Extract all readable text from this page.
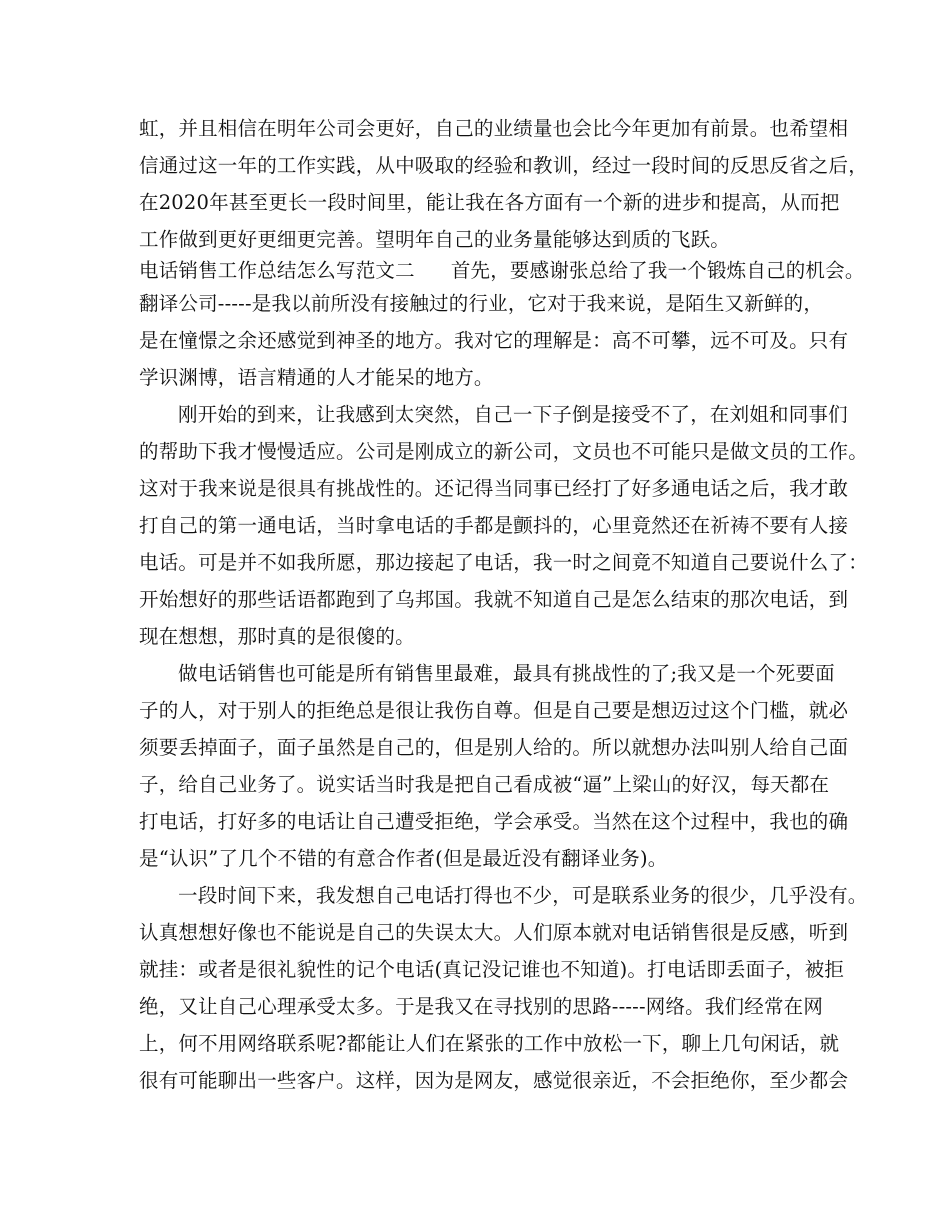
虹，并且相信在明年公司会更好，自己的业绩量也会比今年更加有前景。也希望相
信通过这一年的工作实践，从中吸取的经验和教训，经过一段时间的反思反省之后，
在2020年甚至更长一段时间里，能让我在各方面有一个新的进步和提高，从而把
工作做到更好更细更完善。望明年自己的业务量能够达到质的飞跃。
电话销售工作总结怎么写范文二 首先，要感谢张总给了我一个锻炼自己的机会。
翻译公司-----是我以前所没有接触过的行业，它对于我来说，是陌生又新鲜的，
是在憧憬之余还感觉到神圣的地方。我对它的理解是：高不可攀，远不可及。只有
学识渊博，语言精通的人才能呆的地方。
刚开始的到来，让我感到太突然，自己一下子倒是接受不了，在刘姐和同事们
的帮助下我才慢慢适应。公司是刚成立的新公司，文员也不可能只是做文员的工作。
这对于我来说是很具有挑战性的。还记得当同事已经打了好多通电话之后，我才敢
打自己的第一通电话，当时拿电话的手都是颤抖的，心里竟然还在祈祷不要有人接
电话。可是并不如我所愿，那边接起了电话，我一时之间竟不知道自己要说什么了：
开始想好的那些话语都跑到了乌邦国。我就不知道自己是怎么结束的那次电话，到
现在想想，那时真的是很傻的。
做电话销售也可能是所有销售里最难，最具有挑战性的了;我又是一个死要面
子的人，对于别人的拒绝总是很让我伤自尊。但是自己要是想迈过这个门槛，就必
须要丢掉面子，面子虽然是自己的，但是别人给的。所以就想办法叫别人给自己面
子，给自己业务了。说实话当时我是把自己看成被“逼”上梁山的好汉，每天都在
打电话，打好多的电话让自己遭受拒绝，学会承受。当然在这个过程中，我也的确
是“认识”了几个不错的有意合作者(但是最近没有翻译业务)。
一段时间下来，我发想自己电话打得也不少，可是联系业务的很少，几乎没有。
认真想想好像也不能说是自己的失误太大。人们原本就对电话销售很是反感，听到
就挂：或者是很礼貌性的记个电话(真记没记谁也不知道)。打电话即丢面子，被拒
绝，又让自己心理承受太多。于是我又在寻找别的思路-----网络。我们经常在网
上，何不用网络联系呢?都能让人们在紧张的工作中放松一下，聊上几句闲话，就
很有可能聊出一些客户。这样，因为是网友，感觉很亲近，不会拒绝你，至少都会
